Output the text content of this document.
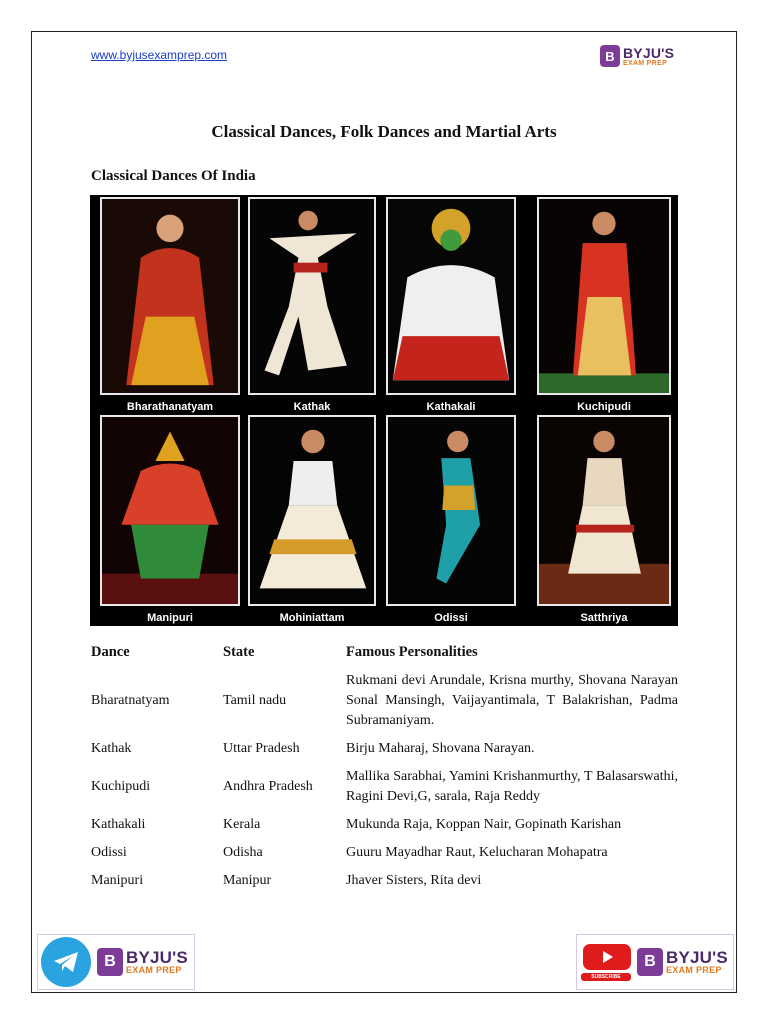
www.byjusexamprep.com	B BYJU'S
EXAM PREP
Classical Dances, Folk Dances and Martial Arts
Classical Dances Of India
Bharathanatyam	Kathak	Kathakali	Kuchipudi
Manipuri	Mohiniattam	Odissi	Satthriya
Dance	State	Famous Personalities
Bharatnatyam	Tamil nadu	Rukmani devi Arundale, Krisna murthy, Shovana Narayan Sonal Mansingh, Vaijayantimala, T Balakrishan, Padma Subramaniyam.
Kathak	Uttar Pradesh	Birju Maharaj, Shovana Narayan.
Kuchipudi	Andhra Pradesh	Mallika Sarabhai, Yamini Krishanmurthy, T Balasarswathi, Ragini Devi,G, sarala, Raja Reddy
Kathakali	Kerala	Mukunda Raja, Koppan Nair, Gopinath Karishan
Odissi	Odisha	Guuru Mayadhar Raut, Kelucharan Mohapatra
Manipuri	Manipur	Jhaver Sisters, Rita devi
B BYJU'S
EXAM PREP
SUBSCRIBE
B BYJU'S
EXAM PREP
